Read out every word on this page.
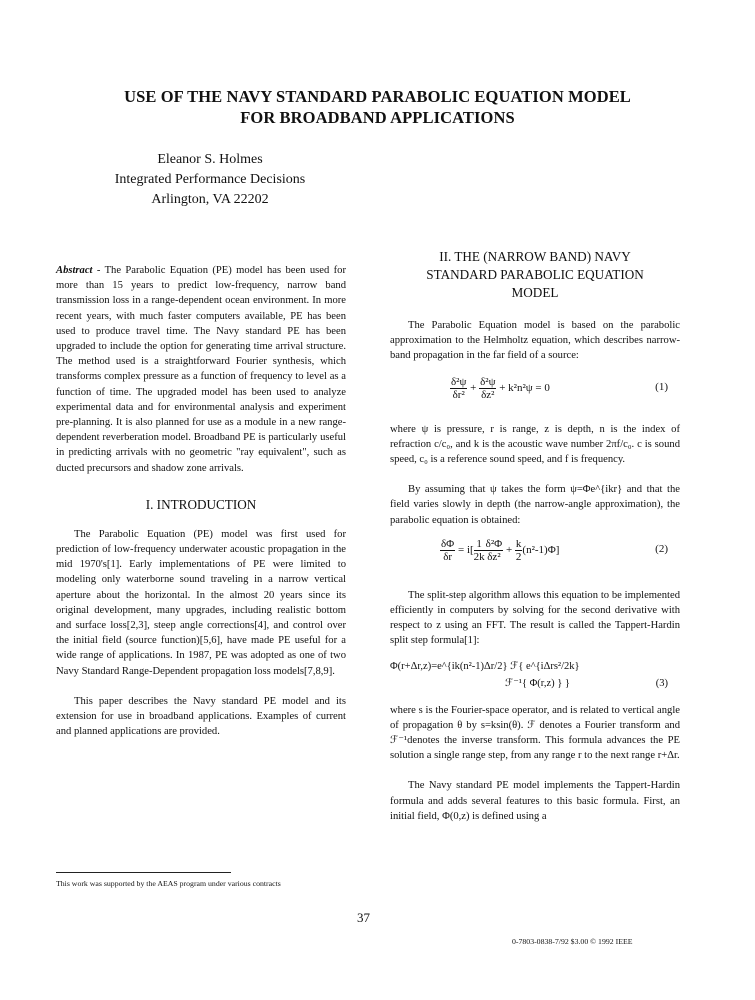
USE OF THE NAVY STANDARD PARABOLIC EQUATION MODEL
FOR BROADBAND APPLICATIONS
Eleanor S. Holmes
Integrated Performance Decisions
Arlington, VA 22202

Abstract - The Parabolic Equation (PE) model has been used for more than 15 years to predict low-frequency, narrow band transmission loss in a range-dependent ocean environment. In more recent years, with much faster computers available, PE has been used to produce travel time. The Navy standard PE has been upgraded to include the option for generating time arrival structure. The method used is a straightforward Fourier synthesis, which transforms complex pressure as a function of frequency to level as a function of time. The upgraded model has been used to analyze experimental data and for environmental analysis and experiment pre-planning. It is also planned for use as a module in a new range-dependent reverberation model. Broadband PE is particularly useful in predicting arrivals with no geometric "ray equivalent", such as ducted precursors and shadow zone arrivals.

I. INTRODUCTION

The Parabolic Equation (PE) model was first used for prediction of low-frequency underwater acoustic propagation in the mid 1970's[1]. Early implementations of PE were limited to modeling only waterborne sound traveling in a narrow vertical aperture about the horizontal. In the almost 20 years since its original development, many upgrades, including realistic bottom and surface loss[2,3], steep angle corrections[4], and control over the initial field (source function)[5,6], have made PE useful for a wide range of applications. In 1987, PE was adopted as one of two Navy Standard Range-Dependent propagation loss models[7,8,9].

This paper describes the Navy standard PE model and its extension for use in broadband applications. Examples of current and planned applications are provided.

II. THE (NARROW BAND) NAVY

STANDARD PARABOLIC EQUATION

MODEL

The Parabolic Equation model is based on the parabolic approximation to the Helmholtz equation, which describes narrow-band propagation in the far field of a source:

$\frac{\text{δ²ψ}}{\text{δr²}} + \frac{\text{δ²ψ}}{\text{δz²}} + k^2n^2\psi = 0$	(1)

where ψ is pressure, r is range, z is depth, n is the index of refraction c/c₀, and k is the acoustic wave number 2πf/c₀. c is sound speed, c₀ is a reference sound speed, and f is frequency.

By assuming that ψ takes the form ψ=Φe^{ikr} and that the field varies slowly in depth (the narrow-angle approximation), the parabolic equation is obtained:

$\frac{\delta\Phi}{\delta r} = i[ \frac{1}{2k} \frac{\text{δ²Φ}}{\text{δz²}} + \frac{k}{2} (n^2-1)\Phi]$	(2)

The split-step algorithm allows this equation to be implemented efficiently in computers by solving for the second derivative with respect to z using an FFT. The result is called the Tappert-Hardin split step formula[1]:

Φ(r+Δr,z)=e^{ik(n²-1)Δr/2} ℱ{ e^{iΔrs²/2k}
ℱ⁻¹{ Φ(r,z) } }	(3)

where s is the Fourier-space operator, and is related to vertical angle of propagation θ by s=ksin(θ). ℱ denotes a Fourier transform and ℱ⁻¹denotes the inverse transform. This formula advances the PE solution a single range step, from any range r to the next range r+Δr.

The Navy standard PE model implements the Tappert-Hardin formula and adds several features to this basic formula. First, an initial field, Φ(0,z) is defined using a

This work was supported by the AEAS program under various contracts
37
0-7803-0838-7/92 $3.00 © 1992 IEEE
